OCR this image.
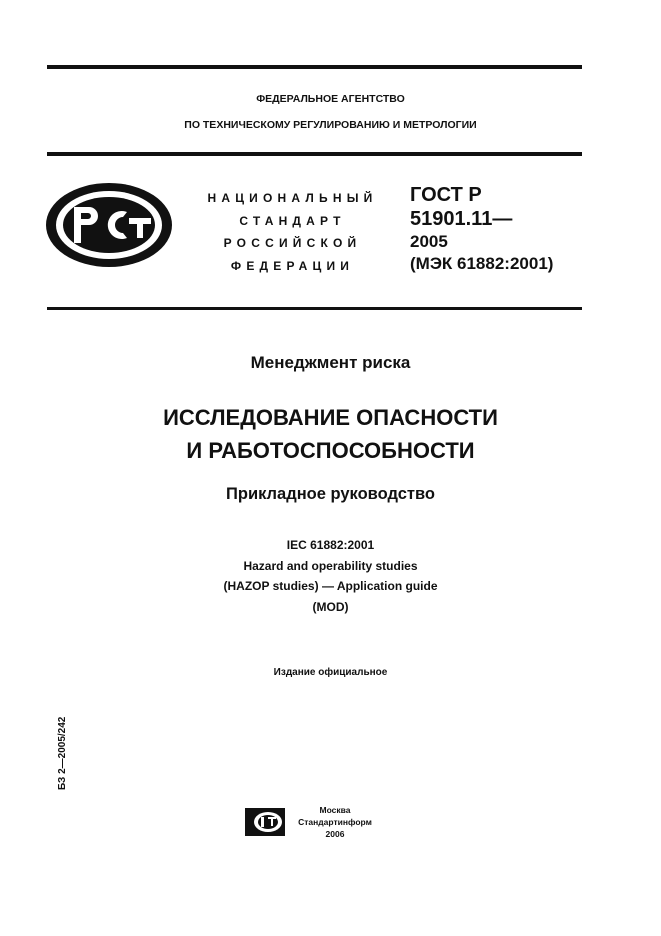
ФЕДЕРАЛЬНОЕ АГЕНТСТВО
ПО ТЕХНИЧЕСКОМУ РЕГУЛИРОВАНИЮ И МЕТРОЛОГИИ
НАЦИОНАЛЬНЫЙ
СТАНДАРТ
РОССИЙСКОЙ
ФЕДЕРАЦИИ
ГОСТ Р
51901.11—
2005
(МЭК 61882:2001)
Менеджмент риска
ИССЛЕДОВАНИЕ ОПАСНОСТИ
И РАБОТОСПОСОБНОСТИ
Прикладное руководство
IEC 61882:2001
Hazard and operability studies
(HAZOP studies) — Application guide
(MOD)
Издание официальное
БЗ 2—2005/242
Москва
Стандартинформ
2006
